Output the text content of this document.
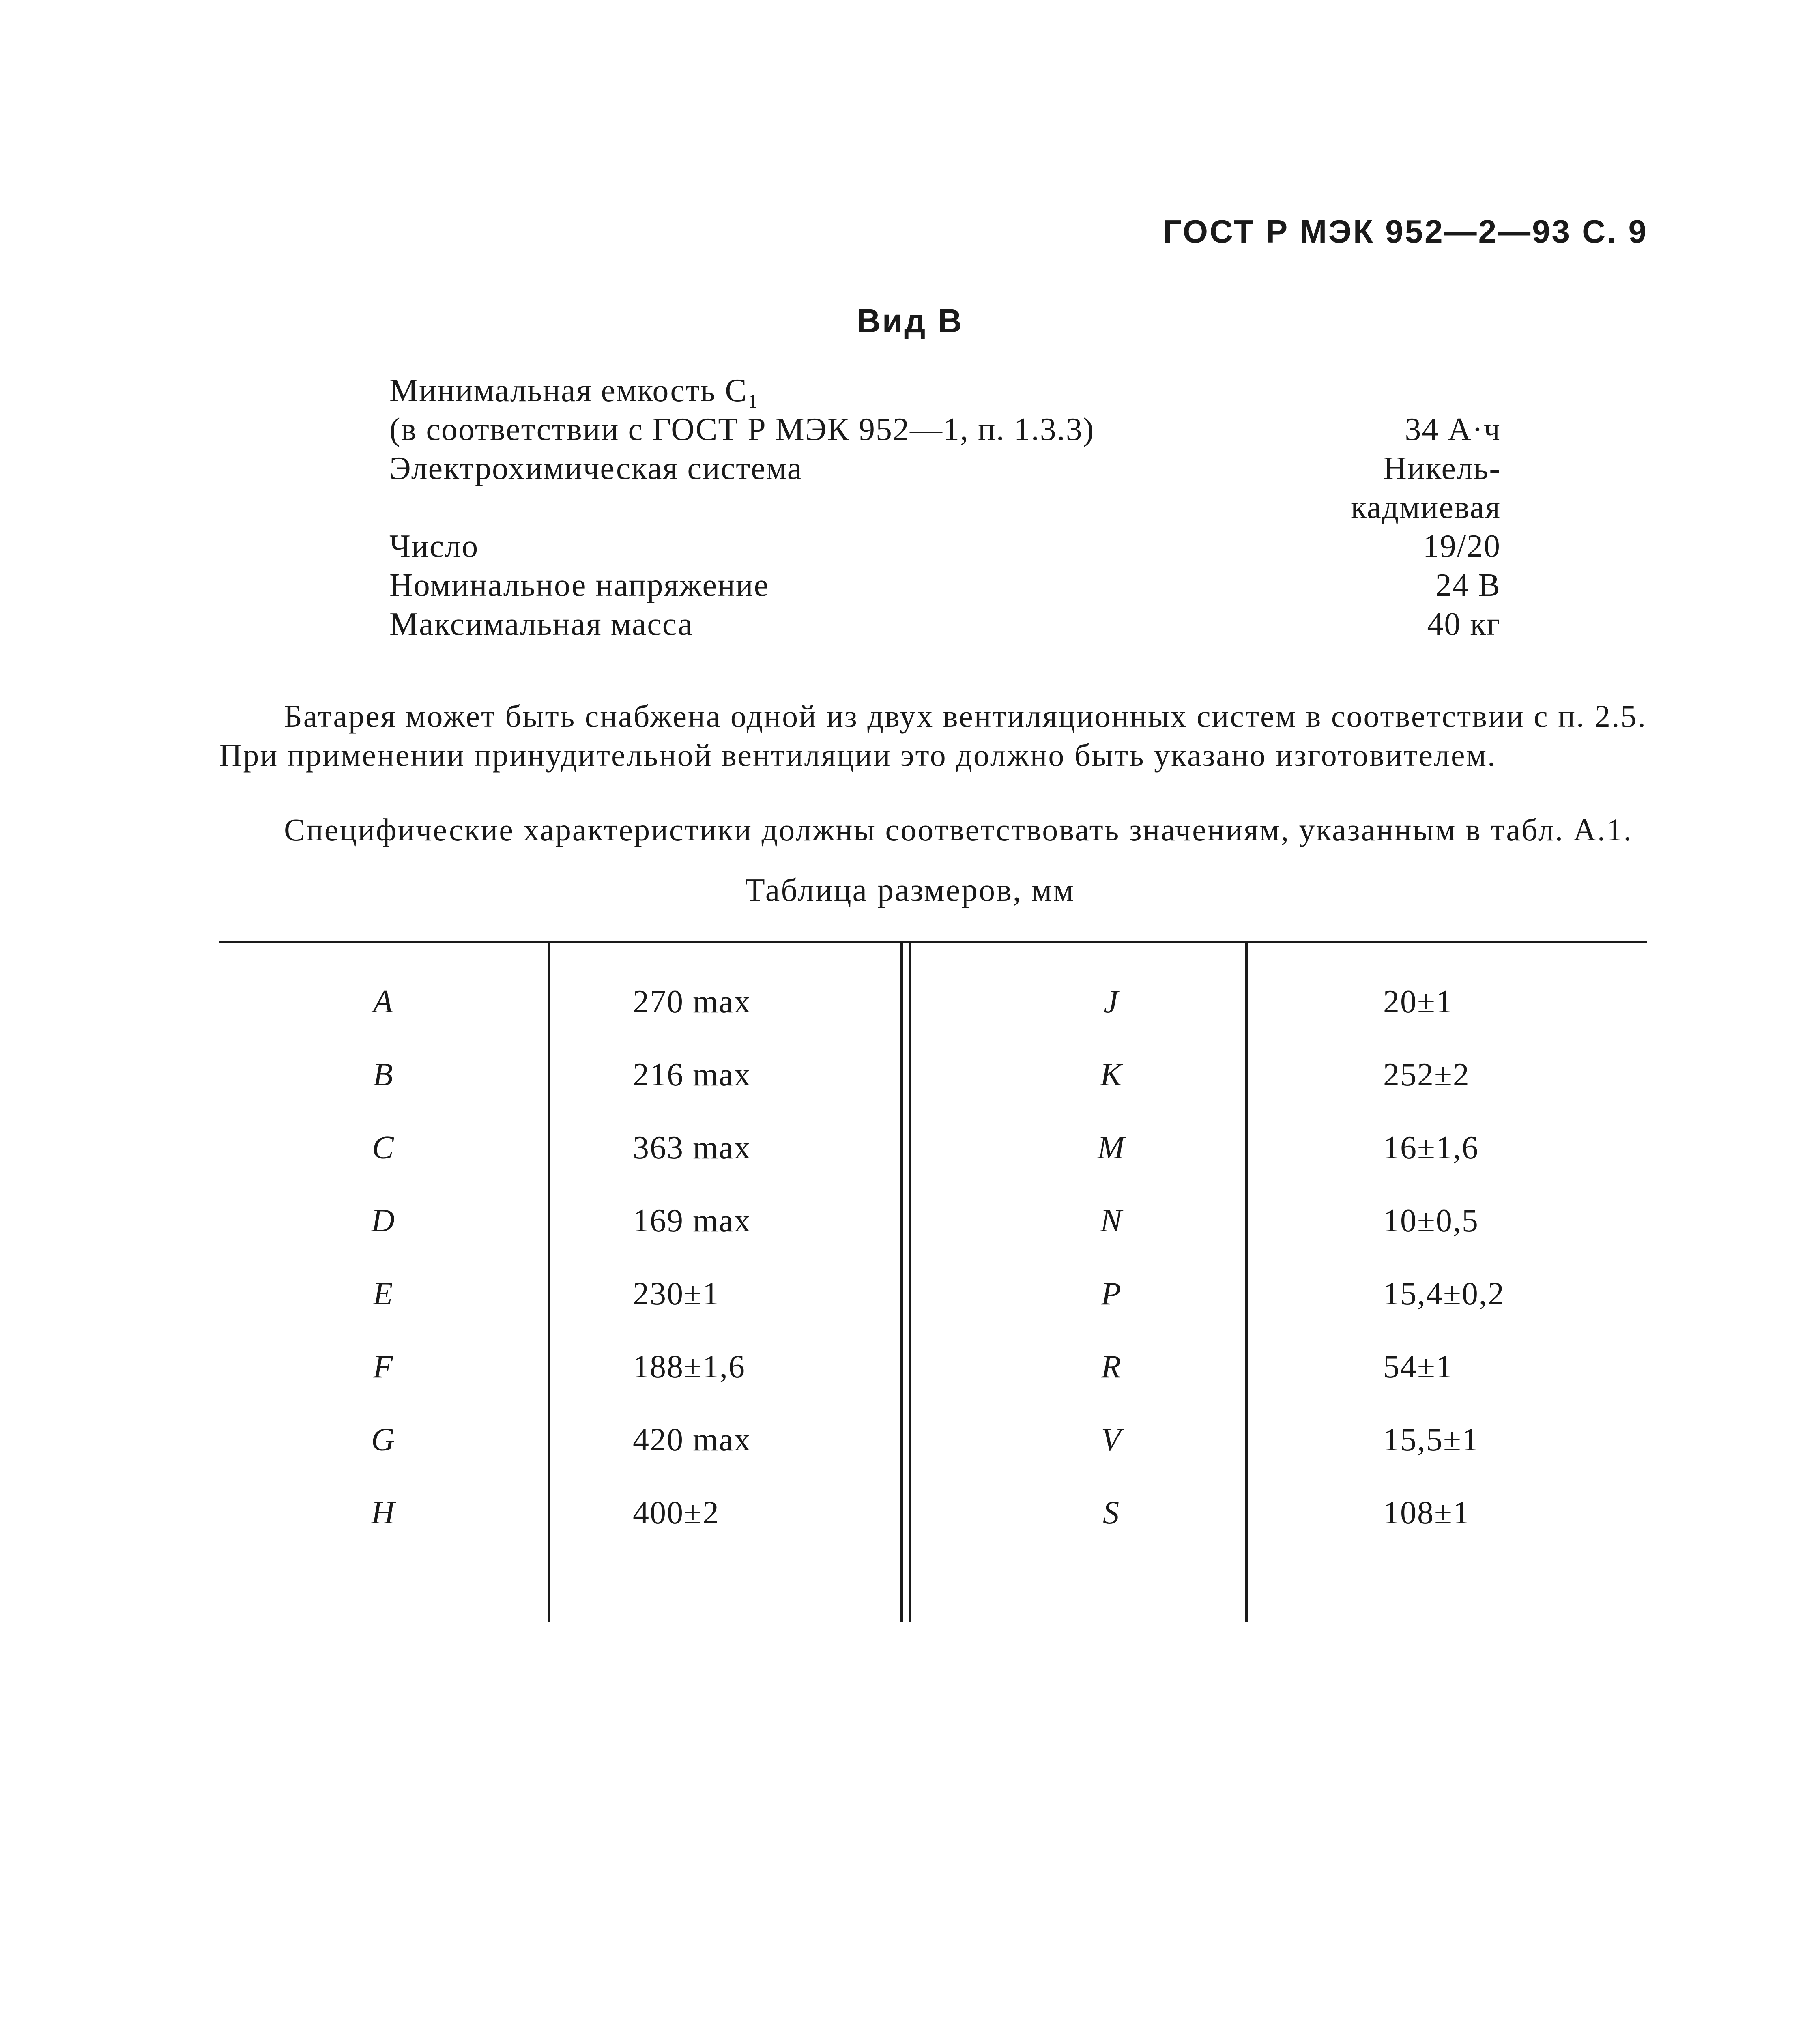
ГОСТ Р МЭК 952—2—93 С. 9
Вид В
Минимальная емкость C₁
(в соответствии с ГОСТ Р МЭК 952—1, п. 1.3.3)	34 А·ч
Электрохимическая система	Никель-
кадмиевая
Число	19/20
Номинальное напряжение	24 В
Максимальная масса	40 кг

Батарея может быть снабжена одной из двух вентиляционных систем в соответствии с п. 2.5. При применении принудительной вентиляции это должно быть указано изготовителем.

Специфические характеристики должны соответствовать значениям, указанным в табл. А.1.

Таблица размеров, мм
A	270 max	J	20±1
B	216 max	K	252±2
C	363 max	M	16±1,6
D	169 max	N	10±0,5
E	230±1	P	15,4±0,2
F	188±1,6	R	54±1
G	420 max	V	15,5±1
H	400±2	S	108±1
